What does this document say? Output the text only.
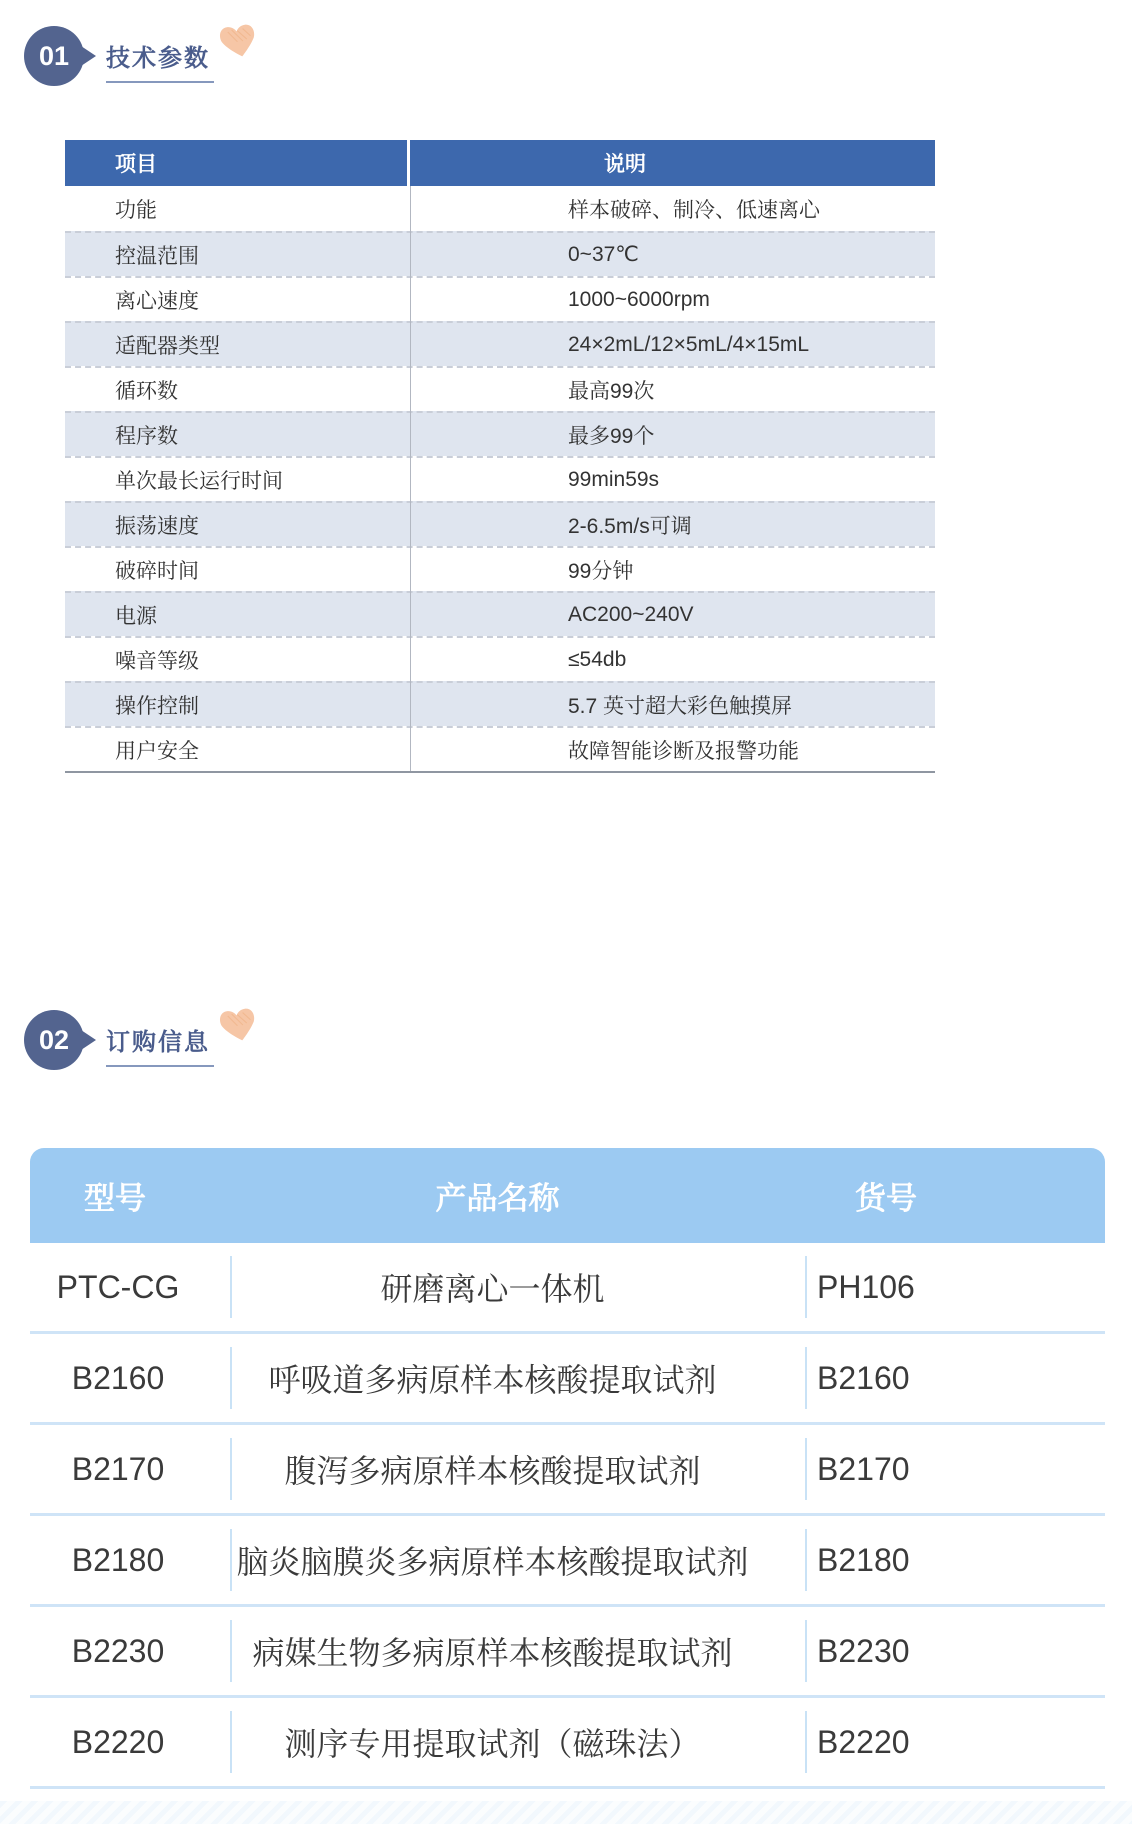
01 技术参数
项目	说明
功能	样本破碎、制冷、低速离心
控温范围	0~37℃
离心速度	1000~6000rpm
适配器类型	24×2mL/12×5mL/4×15mL
循环数	最高99次
程序数	最多99个
单次最长运行时间	99min59s
振荡速度	2-6.5m/s可调
破碎时间	99分钟
电源	AC200~240V
噪音等级	≤54db
操作控制	5.7 英寸超大彩色触摸屏
用户安全	故障智能诊断及报警功能
02 订购信息
型号	产品名称	货号
PTC-CG	研磨离心一体机	PH106
B2160	呼吸道多病原样本核酸提取试剂	B2160
B2170	腹泻多病原样本核酸提取试剂	B2170
B2180	脑炎脑膜炎多病原样本核酸提取试剂	B2180
B2230	病媒生物多病原样本核酸提取试剂	B2230
B2220	测序专用提取试剂（磁珠法）	B2220
